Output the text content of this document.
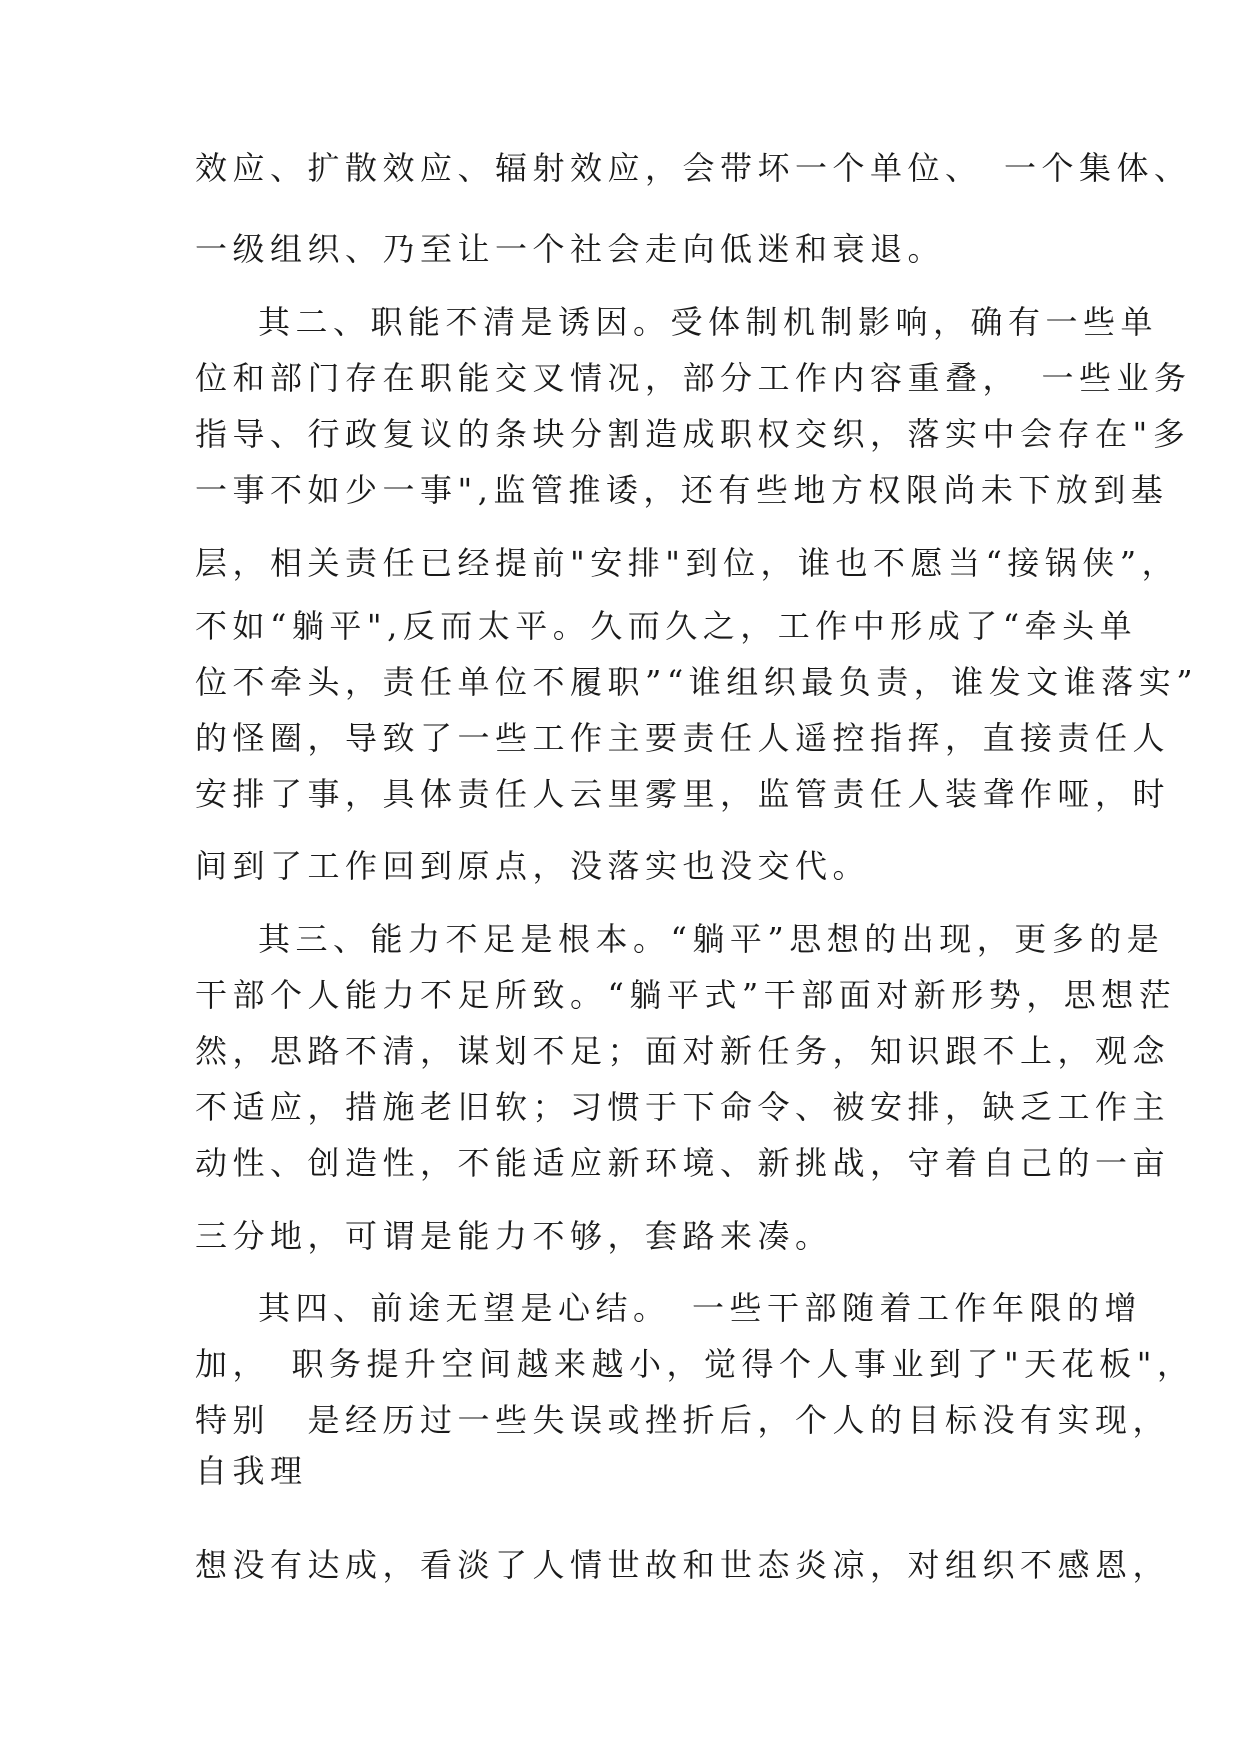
效应、扩散效应、辐射效应，会带坏一个单位、　一个集体、
一级组织、乃至让一个社会走向低迷和衰退。
其二、职能不清是诱因。受体制机制影响，确有一些单
位和部门存在职能交叉情况，部分工作内容重叠，　一些业务
指导、行政复议的条块分割造成职权交织，落实中会存在"多
一事不如少一事",监管推诿，还有些地方权限尚未下放到基
层，相关责任已经提前"安排"到位，谁也不愿当“接锅侠”，
不如“躺平",反而太平。久而久之，工作中形成了“牵头单
位不牵头，责任单位不履职”“谁组织最负责，谁发文谁落实”
的怪圈，导致了一些工作主要责任人遥控指挥，直接责任人
安排了事，具体责任人云里雾里，监管责任人装聋作哑，时
间到了工作回到原点，没落实也没交代。
其三、能力不足是根本。“躺平”思想的出现，更多的是
干部个人能力不足所致。“躺平式”干部面对新形势，思想茫
然，思路不清，谋划不足；面对新任务，知识跟不上，观念
不适应，措施老旧软；习惯于下命令、被安排，缺乏工作主
动性、创造性，不能适应新环境、新挑战，守着自己的一亩
三分地，可谓是能力不够，套路来凑。
其四、前途无望是心结。　一些干部随着工作年限的增
加，　职务提升空间越来越小，觉得个人事业到了"天花板"，
特别　是经历过一些失误或挫折后，个人的目标没有实现，
自我理
想没有达成，看淡了人情世故和世态炎凉，对组织不感恩，
